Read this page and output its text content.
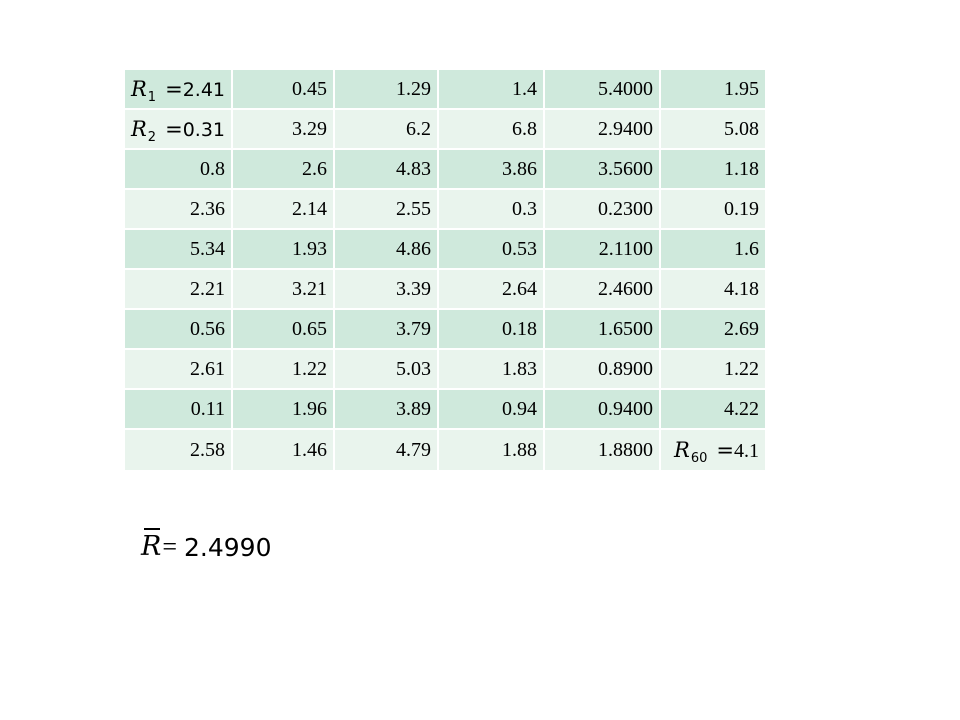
$R_1 =2.41$	0.45	1.29	1.4	5.4000	1.95
$R_2 =0.31$	3.29	6.2	6.8	2.9400	5.08
0.8	2.6	4.83	3.86	3.5600	1.18
2.36	2.14	2.55	0.3	0.2300	0.19
5.34	1.93	4.86	0.53	2.1100	1.6
2.21	3.21	3.39	2.64	2.4600	4.18
0.56	0.65	3.79	0.18	1.6500	2.69
2.61	1.22	5.03	1.83	0.8900	1.22
0.11	1.96	3.89	0.94	0.9400	4.22
2.58	1.46	4.79	1.88	1.8800	$R_{60} =4.1$
R = 2.4990
